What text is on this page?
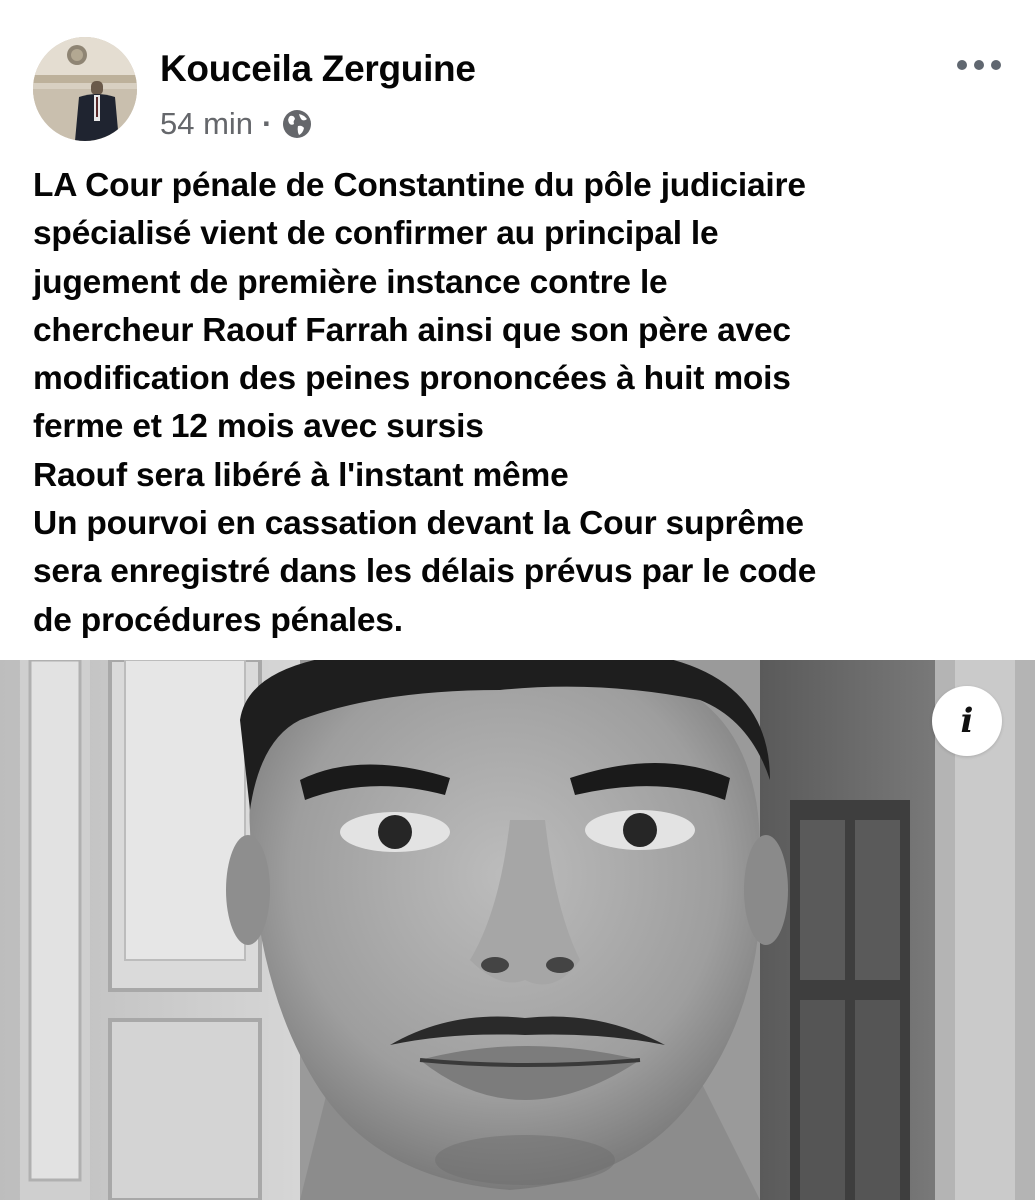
Kouceila Zerguine
54 min ·
LA Cour pénale de Constantine du pôle judiciaire
spécialisé vient de confirmer au principal le
jugement de première instance contre le
chercheur Raouf Farrah ainsi que son père avec
modification des peines prononcées à huit mois
ferme et 12 mois avec sursis
Raouf sera libéré à l'instant même
Un pourvoi en cassation devant la Cour suprême
sera enregistré dans les délais prévus par le code
de procédures pénales.
i
